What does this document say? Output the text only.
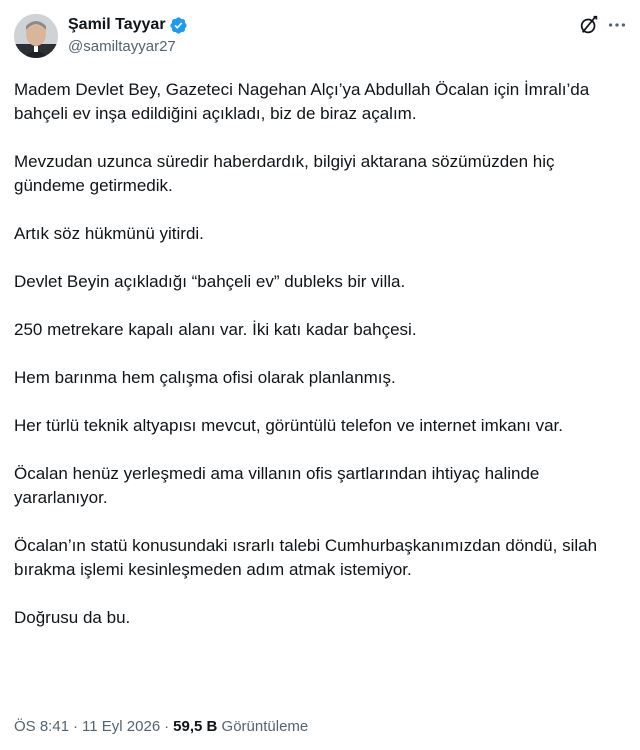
Şamil Tayyar
@samiltayyar27

Madem Devlet Bey, Gazeteci Nagehan Alçı’ya Abdullah Öcalan için İmralı’da bahçeli ev inşa edildiğini açıkladı, biz de biraz açalım.

Mevzudan uzunca süredir haberdardık, bilgiyi aktarana sözümüzden hiç gündeme getirmedik.

Artık söz hükmünü yitirdi.

Devlet Beyin açıkladığı “bahçeli ev” dubleks bir villa.

250 metrekare kapalı alanı var. İki katı kadar bahçesi.

Hem barınma hem çalışma ofisi olarak planlanmış.

Her türlü teknik altyapısı mevcut, görüntülü telefon ve internet imkanı var.

Öcalan henüz yerleşmedi ama villanın ofis şartlarından ihtiyaç halinde yararlanıyor.

Öcalan’ın statü konusundaki ısrarlı talebi Cumhurbaşkanımızdan döndü, silah bırakma işlemi kesinleşmeden adım atmak istemiyor.

Doğrusu da bu.

ÖS 8:41 · 11 Eyl 2026 · 59,5 B Görüntüleme
